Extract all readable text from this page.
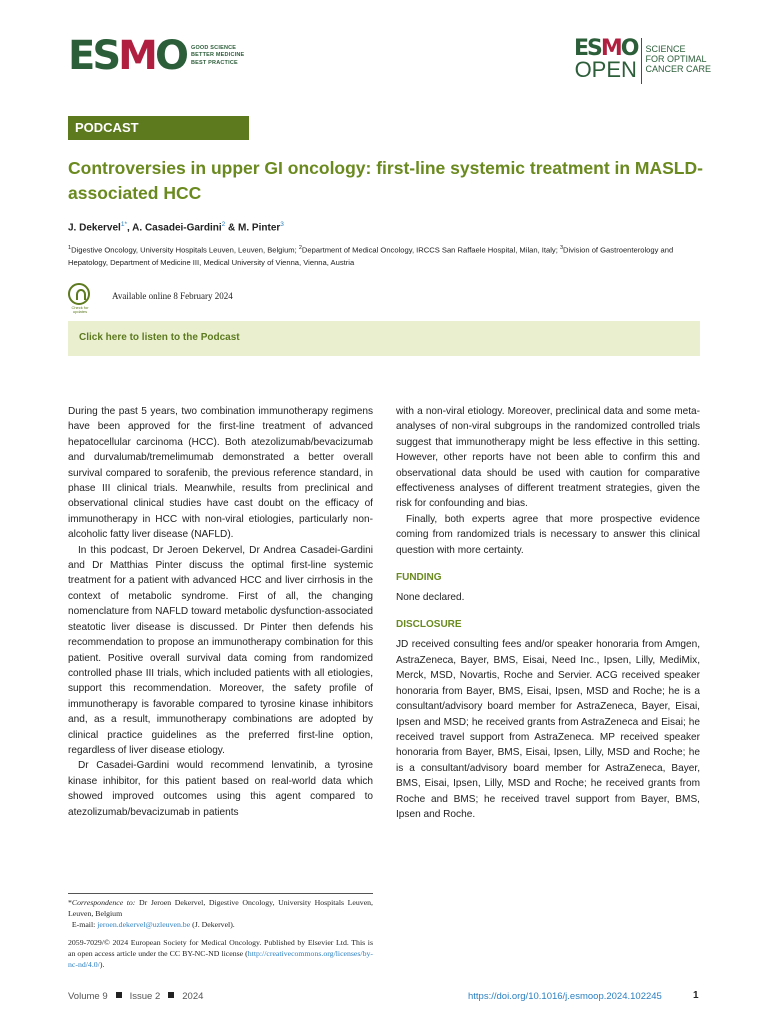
ESMO GOOD SCIENCE
BETTER MEDICINE
BEST PRACTICE
ESMO
OPEN
SCIENCE
FOR OPTIMAL
CANCER CARE
PODCAST
Controversies in upper GI oncology: first-line systemic treatment in MASLD-associated HCC
J. Dekervel$^{1*}$, A. Casadei-Gardini$^2$ & M. Pinter$^3$
$^1$Digestive Oncology, University Hospitals Leuven, Leuven, Belgium; $^2$Department of Medical Oncology, IRCCS San Raffaele Hospital, Milan, Italy; $^3$Division of Gastroenterology and Hepatology, Department of Medicine III, Medical University of Vienna, Vienna, Austria
Check for updates
Available online 8 February 2024
Click here to listen to the Podcast

During the past 5 years, two combination immunotherapy regimens have been approved for the first-line treatment of advanced hepatocellular carcinoma (HCC). Both atezolizumab/bevacizumab and durvalumab/tremelimumab demonstrated a better overall survival compared to sorafenib, the previous reference standard, in phase III clinical trials. Meanwhile, results from preclinical and observational clinical studies have cast doubt on the efficacy of immunotherapy in HCC with non-viral etiologies, particularly non-alcoholic fatty liver disease (NAFLD).

In this podcast, Dr Jeroen Dekervel, Dr Andrea Casadei-Gardini and Dr Matthias Pinter discuss the optimal first-line systemic treatment for a patient with advanced HCC and liver cirrhosis in the context of metabolic syndrome. First of all, the changing nomenclature from NAFLD toward metabolic dysfunction-associated steatotic liver disease is discussed. Dr Pinter then defends his recommendation to propose an immunotherapy combination for this patient. Positive overall survival data coming from randomized controlled phase III trials, which included patients with all etiologies, support this recommendation. Moreover, the safety profile of immunotherapy is favorable compared to tyrosine kinase inhibitors and, as a result, immunotherapy combinations are adopted by clinical practice guidelines as the preferred first-line option, regardless of liver disease etiology.

Dr Casadei-Gardini would recommend lenvatinib, a tyrosine kinase inhibitor, for this patient based on real-world data which showed improved outcomes using this agent compared to atezolizumab/bevacizumab in patients

with a non-viral etiology. Moreover, preclinical data and some meta-analyses of non-viral subgroups in the randomized controlled trials suggest that immunotherapy might be less effective in this setting. However, other reports have not been able to confirm this and observational data should be used with caution for comparative effectiveness analyses of different treatment strategies, given the risk for confounding and bias.

Finally, both experts agree that more prospective evidence coming from randomized trials is necessary to answer this clinical question with more certainty.

FUNDING

None declared.

DISCLOSURE

JD received consulting fees and/or speaker honoraria from Amgen, AstraZeneca, Bayer, BMS, Eisai, Need Inc., Ipsen, Lilly, MediMix, Merck, MSD, Novartis, Roche and Servier. ACG received speaker honoraria from Bayer, BMS, Eisai, Ipsen, MSD and Roche; he is a consultant/advisory board member for AstraZeneca, Bayer, Eisai, Ipsen and MSD; he received grants from AstraZeneca and Eisai; he received travel support from AstraZeneca. MP received speaker honoraria from Bayer, BMS, Eisai, Ipsen, Lilly, MSD and Roche; he is a consultant/advisory board member for AstraZeneca, Bayer, BMS, Eisai, Ipsen, Lilly, MSD and Roche; he received grants from Roche and BMS; he received travel support from Bayer, BMS, Ipsen and Roche.

*Correspondence to: Dr Jeroen Dekervel, Digestive Oncology, University Hospitals Leuven, Leuven, Belgium

E-mail: jeroen.dekervel@uzleuven.be (J. Dekervel).

2059-7029/© 2024 European Society for Medical Oncology. Published by Elsevier Ltd. This is an open access article under the CC BY-NC-ND license (http://creativecommons.org/licenses/by-nc-nd/4.0/).

Volume 9 Issue 2 2024	https://doi.org/10.1016/j.esmoop.2024.102245	1
